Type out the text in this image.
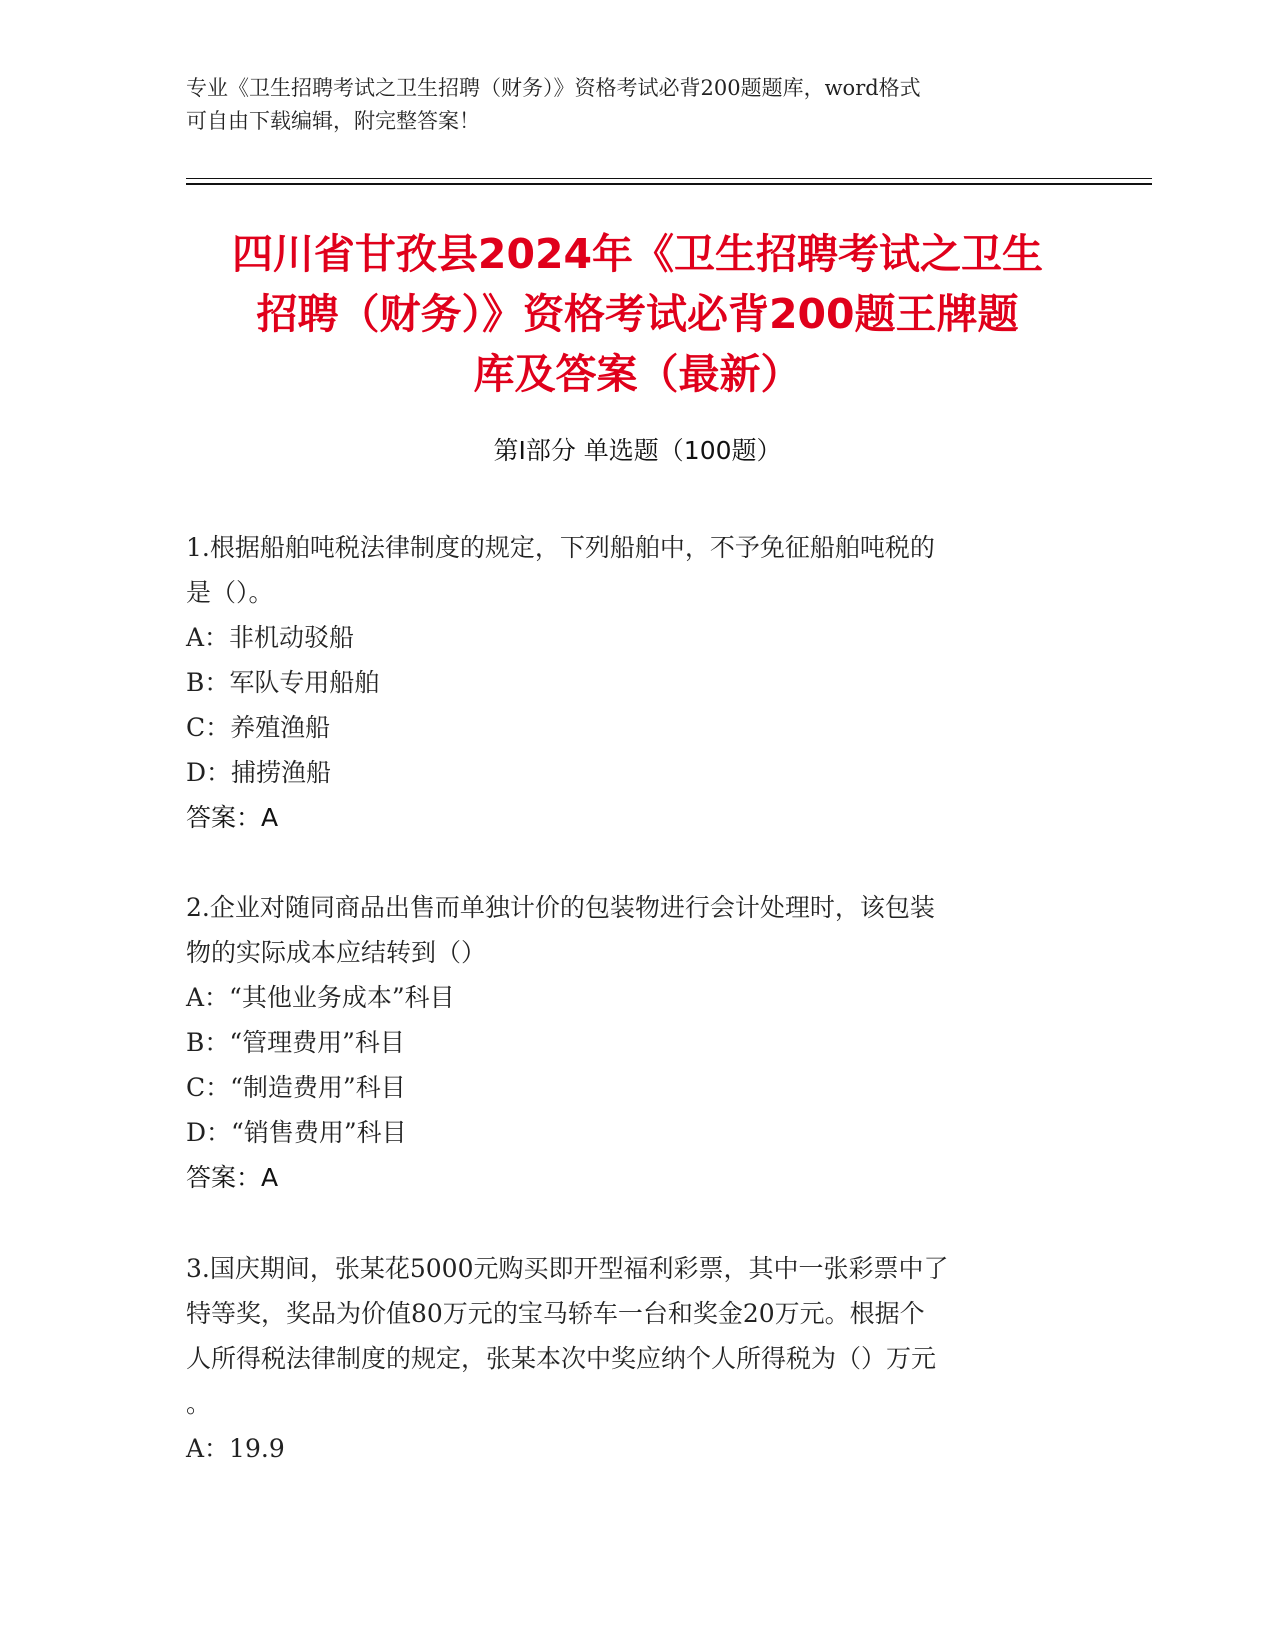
专业《卫生招聘考试之卫生招聘（财务）》资格考试必背200题题库，word格式
可自由下载编辑，附完整答案！
四川省甘孜县2024年《卫生招聘考试之卫生
招聘（财务）》资格考试必背200题王牌题
库及答案（最新）
第Ⅰ部分 单选题（100题）
1.根据船舶吨税法律制度的规定，下列船舶中，不予免征船舶吨税的
是（）。
A：非机动驳船
B：军队专用船舶
C：养殖渔船
D：捕捞渔船
答案：A
2.企业对随同商品出售而单独计价的包装物进行会计处理时，该包装
物的实际成本应结转到（）
A：“其他业务成本”科目
B：“管理费用”科目
C：“制造费用”科目
D：“销售费用”科目
答案：A
3.国庆期间，张某花5000元购买即开型福利彩票，其中一张彩票中了
特等奖，奖品为价值80万元的宝马轿车一台和奖金20万元。根据个
人所得税法律制度的规定，张某本次中奖应纳个人所得税为（）万元
。
A：19.9
